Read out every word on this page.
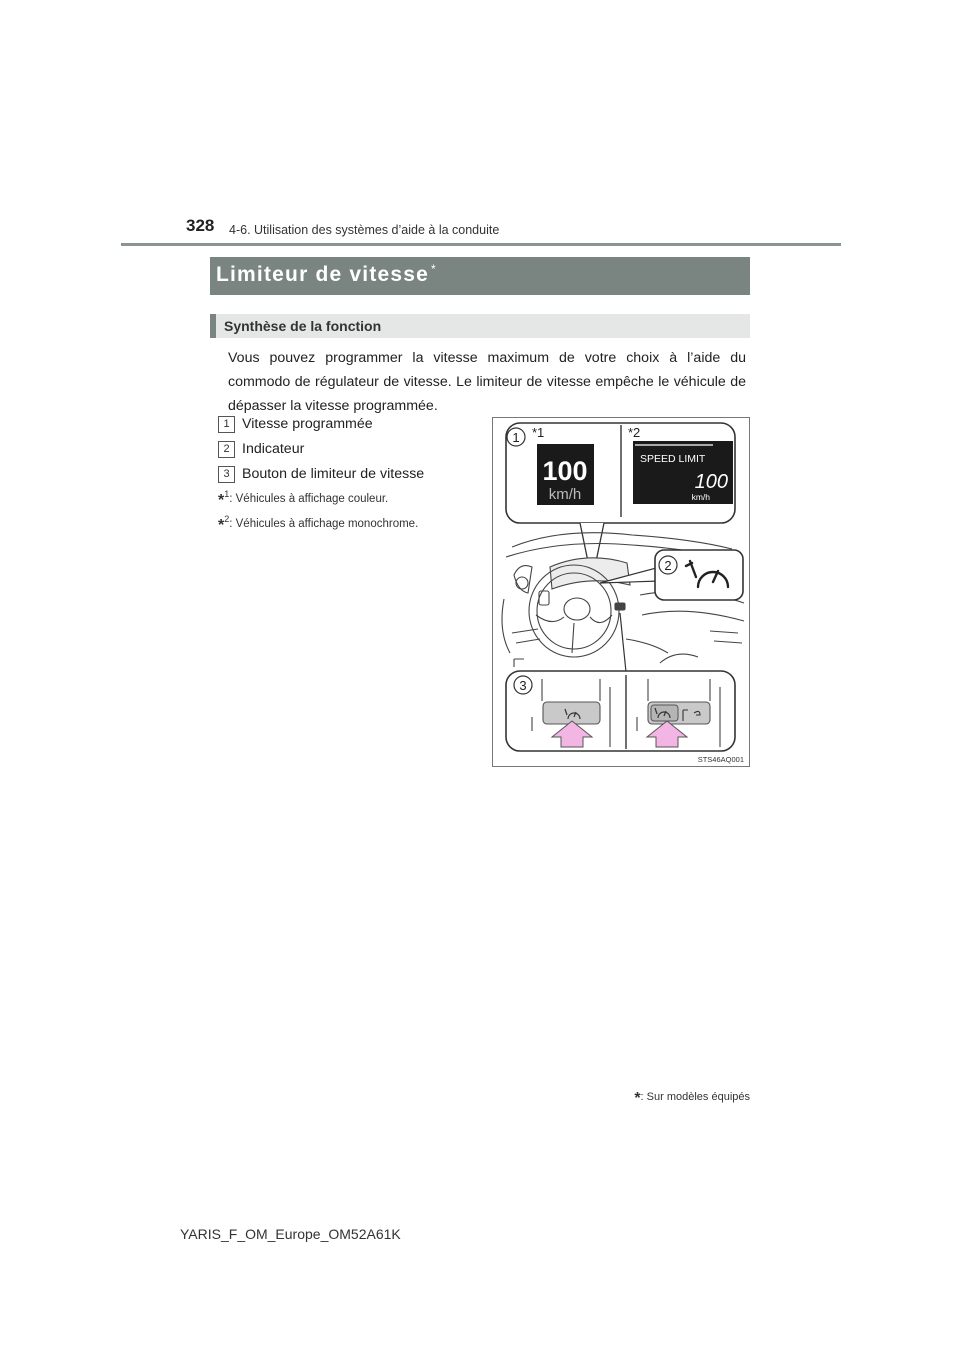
328 4-6. Utilisation des systèmes d’aide à la conduite
Limiteur de vitesse *
Synthèse de la fonction
Vous pouvez programmer la vitesse maximum de votre choix à l’aide du commodo de régulateur de vitesse. Le limiteur de vitesse empêche le véhicule de dépasser la vitesse programmée.
1 Vitesse programmée
2 Indicateur
3 Bouton de limiteur de vitesse
*$^1$: Véhicules à affichage couleur.
*$^2$: Véhicules à affichage monochrome.
1 *1	*2
100
km/h
SPEED LIMIT
100
km/h
2
3
STS46AQ001
*: Sur modèles équipés
YARIS_F_OM_Europe_OM52A61K
